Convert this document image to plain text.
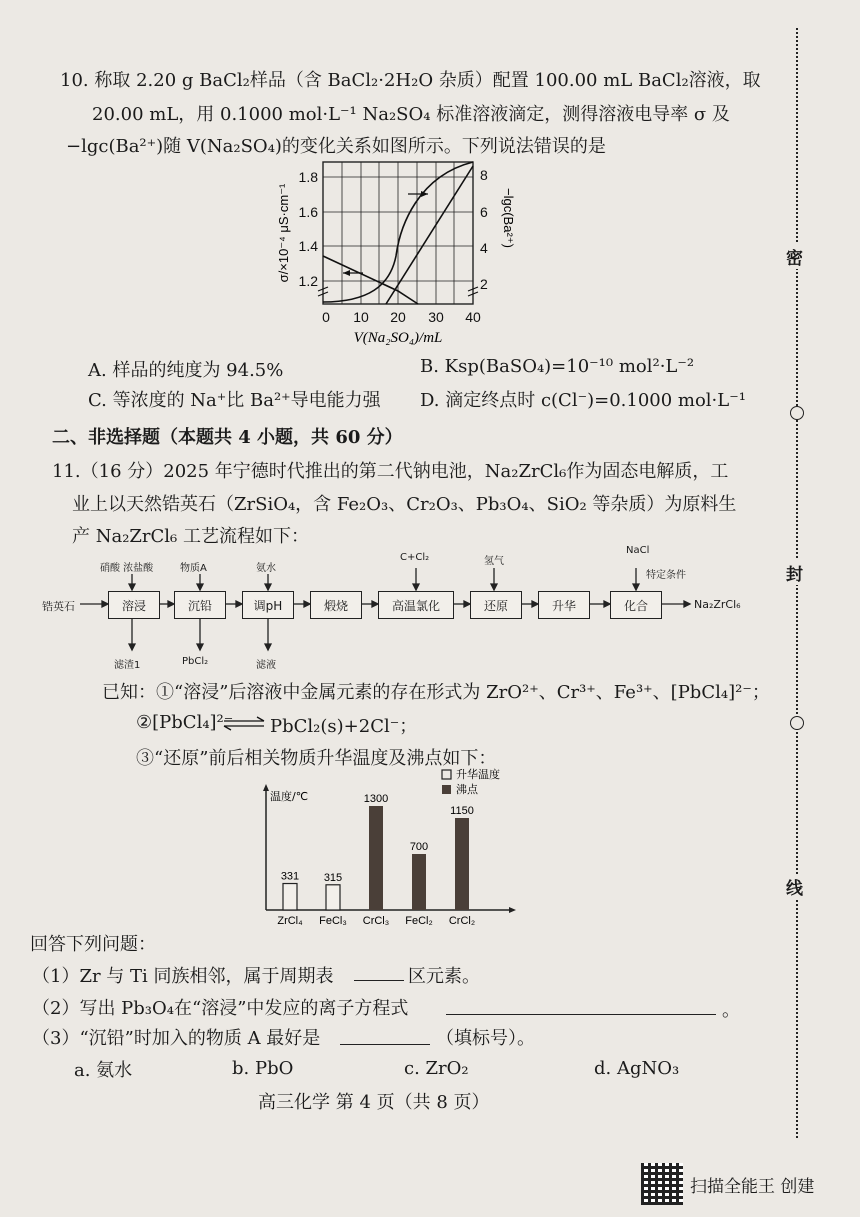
10. 称取 2.20 g BaCl₂样品（含 BaCl₂·2H₂O 杂质）配置 100.00 mL BaCl₂溶液，取
20.00 mL，用 0.1000 mol·L⁻¹ Na₂SO₄ 标准溶液滴定，测得溶液电导率 σ 及
−lgc(Ba²⁺)随 V(Na₂SO₄)的变化关系如图所示。下列说法错误的是
1.8
1.6
1.4
1.2
8
6
4
2
0 10 20 30 40
V(Na₂SO₄)/mL
σ/×10⁻⁴ μS·cm⁻¹	−lgc(Ba²⁺)
A. 样品的纯度为 94.5%	B. Ksp(BaSO₄)=10⁻¹⁰ mol²·L⁻²
C. 等浓度的 Na⁺比 Ba²⁺导电能力强 D. 滴定终点时 c(Cl⁻)=0.1000 mol·L⁻¹
二、非选择题（本题共 4 小题，共 60 分）
11.（16 分）2025 年宁德时代推出的第二代钠电池，Na₂ZrCl₆作为固态电解质，工
业上以天然锆英石（ZrSiO₄，含 Fe₂O₃、Cr₂O₃、Pb₃O₄、SiO₂ 等杂质）为原料生
产 Na₂ZrCl₆ 工艺流程如下：
锆英石	溶浸	沉铅	调pH	煅烧	高温氯化	还原	升华	化合	Na₂ZrCl₆
硝酸 浓盐酸	物质A	氨水
C+Cl₂	氢气
NaCl
特定条件
滤渣1	PbCl₂	滤液
已知：①“溶浸”后溶液中金属元素的存在形式为 ZrO²⁺、Cr³⁺、Fe³⁺、[PbCl₄]²⁻；
②[PbCl₄]²⁻ ⇌ PbCl₂(s)+2Cl⁻；
③“还原”前后相关物质升华温度及沸点如下：
温度/℃
升华温度
沸点
331
ZrCl₄
315
FeCl₃
1300
CrCl₃
700
FeCl₂
1150
CrCl₂
回答下列问题：
（1）Zr 与 Ti 同族相邻，属于周期表	区元素。
（2）写出 Pb₃O₄在“溶浸”中发应的离子方程式	。
（3）“沉铅”时加入的物质 A 最好是	（填标号）。
a. 氨水	b. PbO	c. ZrO₂	d. AgNO₃
高三化学 第 4 页（共 8 页）
密
封
线
扫描全能王 创建
